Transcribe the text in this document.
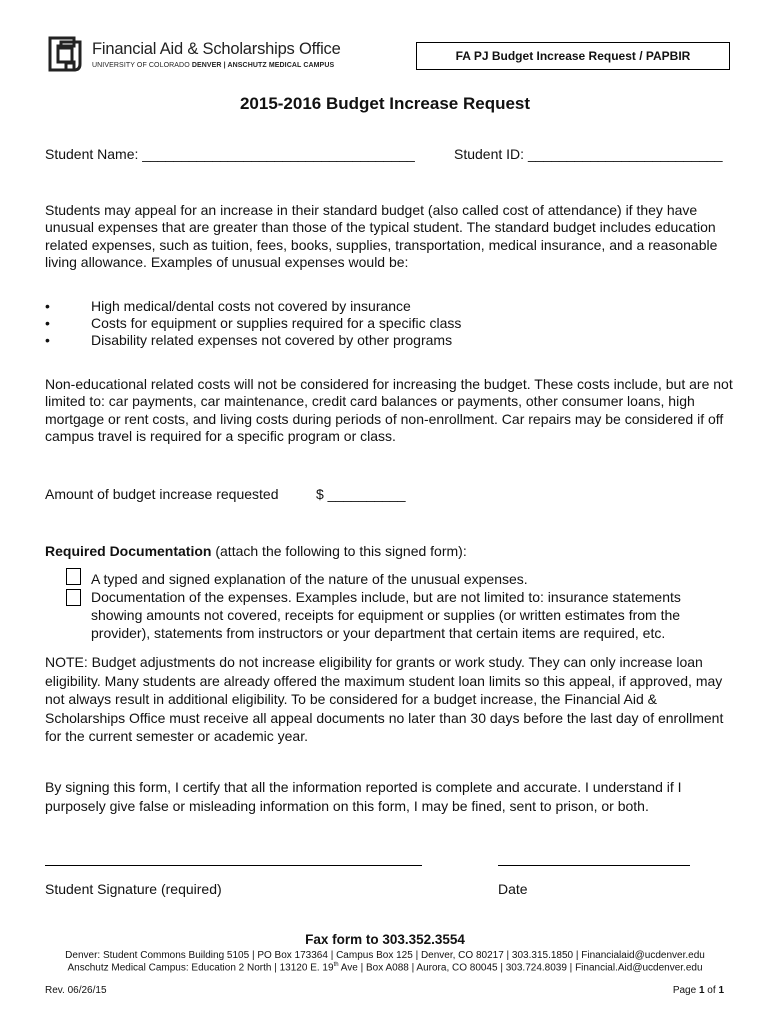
Financial Aid & Scholarships Office
UNIVERSITY OF COLORADO DENVER | ANSCHUTZ MEDICAL CAMPUS
FA PJ Budget Increase Request / PAPBIR
2015-2016 Budget Increase Request
Student Name: ___________________________________	Student ID: _________________________
Students may appeal for an increase in their standard budget (also called cost of attendance) if they have unusual expenses that are greater than those of the typical student. The standard budget includes education related expenses, such as tuition, fees, books, supplies, transportation, medical insurance, and a reasonable living allowance. Examples of unusual expenses would be:
•	High medical/dental costs not covered by insurance
•	Costs for equipment or supplies required for a specific class
•	Disability related expenses not covered by other programs
Non-educational related costs will not be considered for increasing the budget. These costs include, but are not limited to: car payments, car maintenance, credit card balances or payments, other consumer loans, high mortgage or rent costs, and living costs during periods of non-enrollment. Car repairs may be considered if off campus travel is required for a specific program or class.
Amount of budget increase requested	$ __________
Required Documentation (attach the following to this signed form):
A typed and signed explanation of the nature of the unusual expenses.
Documentation of the expenses. Examples include, but are not limited to: insurance statements showing amounts not covered, receipts for equipment or supplies (or written estimates from the provider), statements from instructors or your department that certain items are required, etc.
NOTE: Budget adjustments do not increase eligibility for grants or work study. They can only increase loan eligibility. Many students are already offered the maximum student loan limits so this appeal, if approved, may not always result in additional eligibility. To be considered for a budget increase, the Financial Aid & Scholarships Office must receive all appeal documents no later than 30 days before the last day of enrollment for the current semester or academic year.
By signing this form, I certify that all the information reported is complete and accurate. I understand if I purposely give false or misleading information on this form, I may be fined, sent to prison, or both.
Student Signature (required)	Date
Fax form to 303.352.3554
Denver: Student Commons Building 5105 | PO Box 173364 | Campus Box 125 | Denver, CO 80217 | 303.315.1850 | Financialaid@ucdenver.edu
Anschutz Medical Campus: Education 2 North | 13120 E. 19th Ave | Box A088 | Aurora, CO 80045 | 303.724.8039 | Financial.Aid@ucdenver.edu
Rev. 06/26/15	Page 1 of 1
